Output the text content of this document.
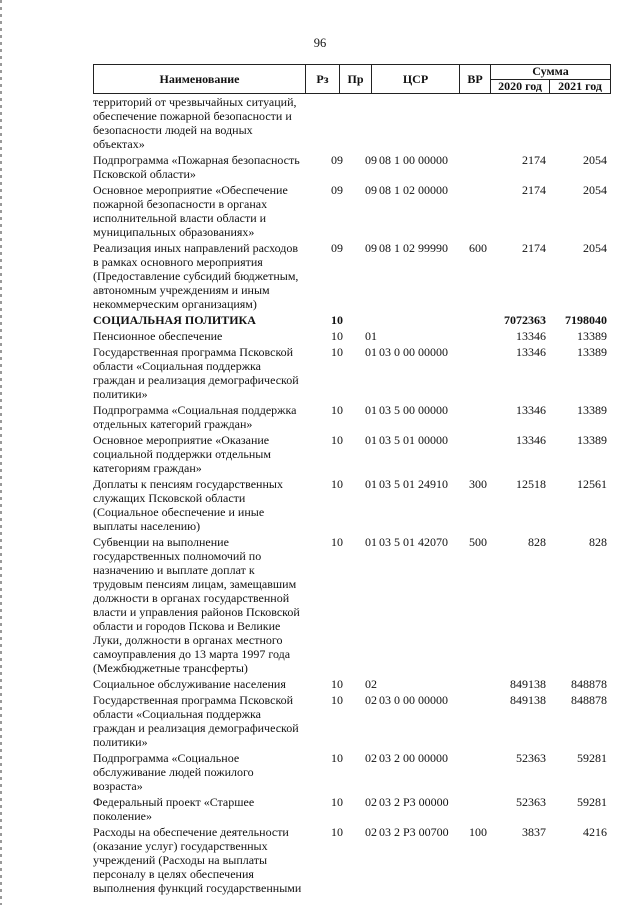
96
Наименование	Рз	Пр	ЦСР	ВР	Сумма	
					2020 год	2021 год
территорий от чрезвычайных ситуаций, обеспечение пожарной безопасности и безопасности людей на водных объектах»						
Подпрограмма «Пожарная безопасность Псковской области»	09	09	08 1 00 00000		2174	2054
Основное мероприятие «Обеспечение пожарной безопасности в органах исполнительной власти области и муниципальных образованиях»	09	09	08 1 02 00000		2174	2054
Реализация иных направлений расходов в рамках основного мероприятия (Предоставление субсидий бюджетным, автономным учреждениям и иным некоммерческим организациям)	09	09	08 1 02 99990	600	2174	2054
СОЦИАЛЬНАЯ ПОЛИТИКА	10				7072363	7198040
Пенсионное обеспечение	10	01			13346	13389
Государственная программа Псковской области «Социальная поддержка граждан и реализация демографической политики»	10	01	03 0 00 00000		13346	13389
Подпрограмма «Социальная поддержка отдельных категорий граждан»	10	01	03 5 00 00000		13346	13389
Основное мероприятие «Оказание социальной поддержки отдельным категориям граждан»	10	01	03 5 01 00000		13346	13389
Доплаты к пенсиям государственных служащих Псковской области (Социальное обеспечение и иные выплаты населению)	10	01	03 5 01 24910	300	12518	12561
Субвенции на выполнение государственных полномочий по назначению и выплате доплат к трудовым пенсиям лицам, замещавшим должности в органах государственной власти и управления районов Псковской области и городов Пскова и Великие Луки, должности в органах местного самоуправления до 13 марта 1997 года (Межбюджетные трансферты)	10	01	03 5 01 42070	500	828	828
Социальное обслуживание населения	10	02			849138	848878
Государственная программа Псковской области «Социальная поддержка граждан и реализация демографической политики»	10	02	03 0 00 00000		849138	848878
Подпрограмма «Социальное обслуживание людей пожилого возраста»	10	02	03 2 00 00000		52363	59281
Федеральный проект «Старшее поколение»	10	02	03 2 P3 00000		52363	59281
Расходы на обеспечение деятельности (оказание услуг) государственных учреждений (Расходы на выплаты персоналу в целях обеспечения выполнения функций государственными	10	02	03 2 P3 00700	100	3837	4216
